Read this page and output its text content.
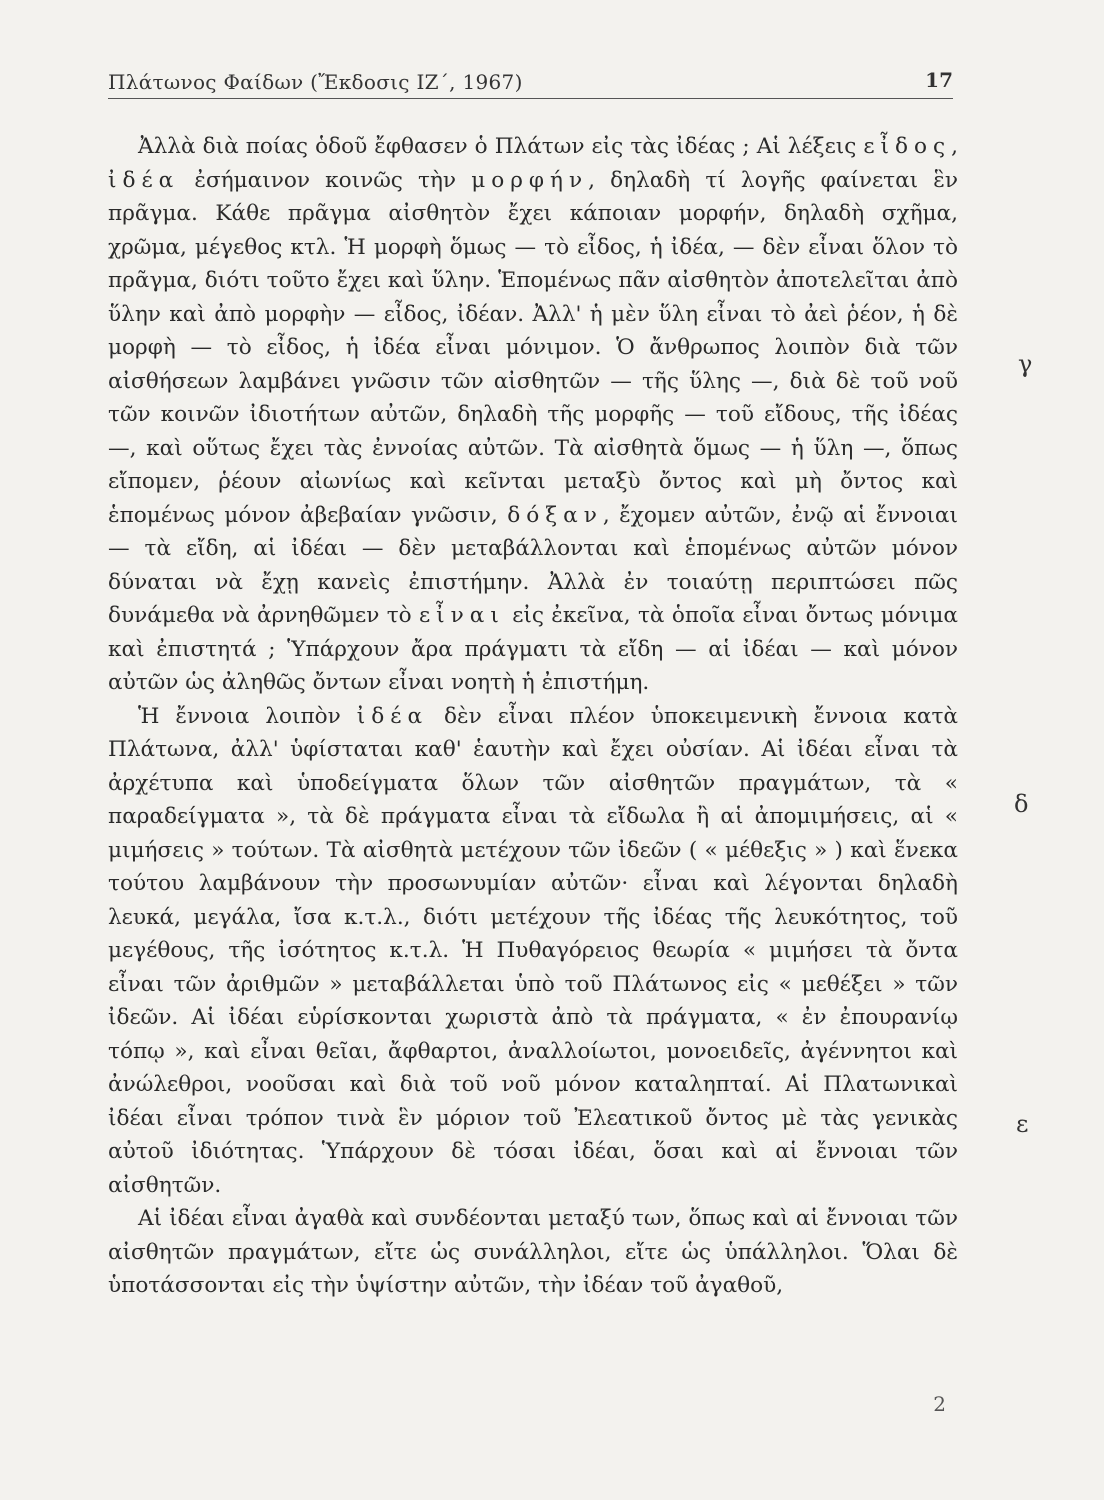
Πλάτωνος Φαίδων (Ἔκδοσις ΙΖ΄, 1967)	17

Ἀλλὰ διὰ ποίας ὁδοῦ ἔφθασεν ὁ Πλάτων εἰς τὰς ἰδέας ; Αἱ λέξεις εἶδος, ἰδέα ἐσήμαινον κοινῶς τὴν μορφήν, δηλαδὴ τί λογῆς φαίνεται ἓν πρᾶγμα. Κάθε πρᾶγμα αἰσθητὸν ἔχει κάποιαν μορφήν, δηλαδὴ σχῆμα, χρῶμα, μέγεθος κτλ. Ἡ μορφὴ ὅμως — τὸ εἶδος, ἡ ἰδέα, — δὲν εἶναι ὅλον τὸ πρᾶγμα, διότι τοῦτο ἔχει καὶ ὕλην. Ἑπομένως πᾶν αἰσθητὸν ἀποτελεῖται ἀπὸ ὕλην καὶ ἀπὸ μορφὴν — εἶδος, ἰδέαν. Ἀλλ' ἡ μὲν ὕλη εἶναι τὸ ἀεὶ ῥέον, ἡ δὲ μορφὴ — τὸ εἶδος, ἡ ἰδέα εἶναι μόνιμον. Ὁ ἄνθρωπος λοιπὸν διὰ τῶν αἰσθήσεων λαμβάνει γνῶσιν τῶν αἰσθητῶν — τῆς ὕλης —, διὰ δὲ τοῦ νοῦ τῶν κοινῶν ἰδιοτήτων αὐτῶν, δηλαδὴ τῆς μορφῆς — τοῦ εἴδους, τῆς ἰδέας —, καὶ οὕτως ἔχει τὰς ἐννοίας αὐτῶν. Τὰ αἰσθητὰ ὅμως — ἡ ὕλη —, ὅπως εἴπομεν, ῥέουν αἰωνίως καὶ κεῖνται μεταξὺ ὄντος καὶ μὴ ὄντος καὶ ἑπομένως μόνον ἀβεβαίαν γνῶσιν, δόξαν, ἔχομεν αὐτῶν, ἐνῷ αἱ ἔννοιαι — τὰ εἴδη, αἱ ἰδέαι — δὲν μεταβάλλονται καὶ ἑπομένως αὐτῶν μόνον δύναται νὰ ἔχῃ κανεὶς ἐπιστήμην. Ἀλλὰ ἐν τοιαύτῃ περιπτώσει πῶς δυνάμεθα νὰ ἀρνηθῶμεν τὸ εἶναι εἰς ἐκεῖνα, τὰ ὁποῖα εἶναι ὄντως μόνιμα καὶ ἐπιστητά ; Ὑπάρχουν ἄρα πράγματι τὰ εἴδη — αἱ ἰδέαι — καὶ μόνον αὐτῶν ὡς ἀληθῶς ὄντων εἶναι νοητὴ ἡ ἐπιστήμη.

Ἡ ἔννοια λοιπὸν ἰδέα δὲν εἶναι πλέον ὑποκειμενικὴ ἔννοια κατὰ Πλάτωνα, ἀλλ' ὑφίσταται καθ' ἑαυτὴν καὶ ἔχει οὐσίαν. Αἱ ἰδέαι εἶναι τὰ ἀρχέτυπα καὶ ὑποδείγματα ὅλων τῶν αἰσθητῶν πραγμάτων, τὰ « παραδείγματα », τὰ δὲ πράγματα εἶναι τὰ εἴδωλα ἢ αἱ ἀπομιμήσεις, αἱ « μιμήσεις » τούτων. Τὰ αἰσθητὰ μετέχουν τῶν ἰδεῶν ( « μέθεξις » ) καὶ ἕνεκα τούτου λαμβάνουν τὴν προσωνυμίαν αὐτῶν· εἶναι καὶ λέγονται δηλαδὴ λευκά, μεγάλα, ἴσα κ.τ.λ., διότι μετέχουν τῆς ἰδέας τῆς λευκότητος, τοῦ μεγέθους, τῆς ἰσότητος κ.τ.λ. Ἡ Πυθαγόρειος θεωρία « μιμήσει τὰ ὄντα εἶναι τῶν ἀριθμῶν » μεταβάλλεται ὑπὸ τοῦ Πλάτωνος εἰς « μεθέξει » τῶν ἰδεῶν. Αἱ ἰδέαι εὑρίσκονται χωριστὰ ἀπὸ τὰ πράγματα, « ἐν ἐπουρανίῳ τόπῳ », καὶ εἶναι θεῖαι, ἄφθαρτοι, ἀναλλοίωτοι, μονοειδεῖς, ἀγέννητοι καὶ ἀνώλεθροι, νοοῦσαι καὶ διὰ τοῦ νοῦ μόνον καταληπταί. Αἱ Πλατωνικαὶ ἰδέαι εἶναι τρόπον τινὰ ἓν μόριον τοῦ Ἐλεατικοῦ ὄντος μὲ τὰς γενικὰς αὐτοῦ ἰδιότητας. Ὑπάρχουν δὲ τόσαι ἰδέαι, ὅσαι καὶ αἱ ἔννοιαι τῶν αἰσθητῶν.

Αἱ ἰδέαι εἶναι ἀγαθὰ καὶ συνδέονται μεταξύ των, ὅπως καὶ αἱ ἔννοιαι τῶν αἰσθητῶν πραγμάτων, εἴτε ὡς συνάλληλοι, εἴτε ὡς ὑπάλληλοι. Ὅλαι δὲ ὑποτάσσονται εἰς τὴν ὑψίστην αὐτῶν, τὴν ἰδέαν τοῦ ἀγαθοῦ,

γ
δ
ε
2
